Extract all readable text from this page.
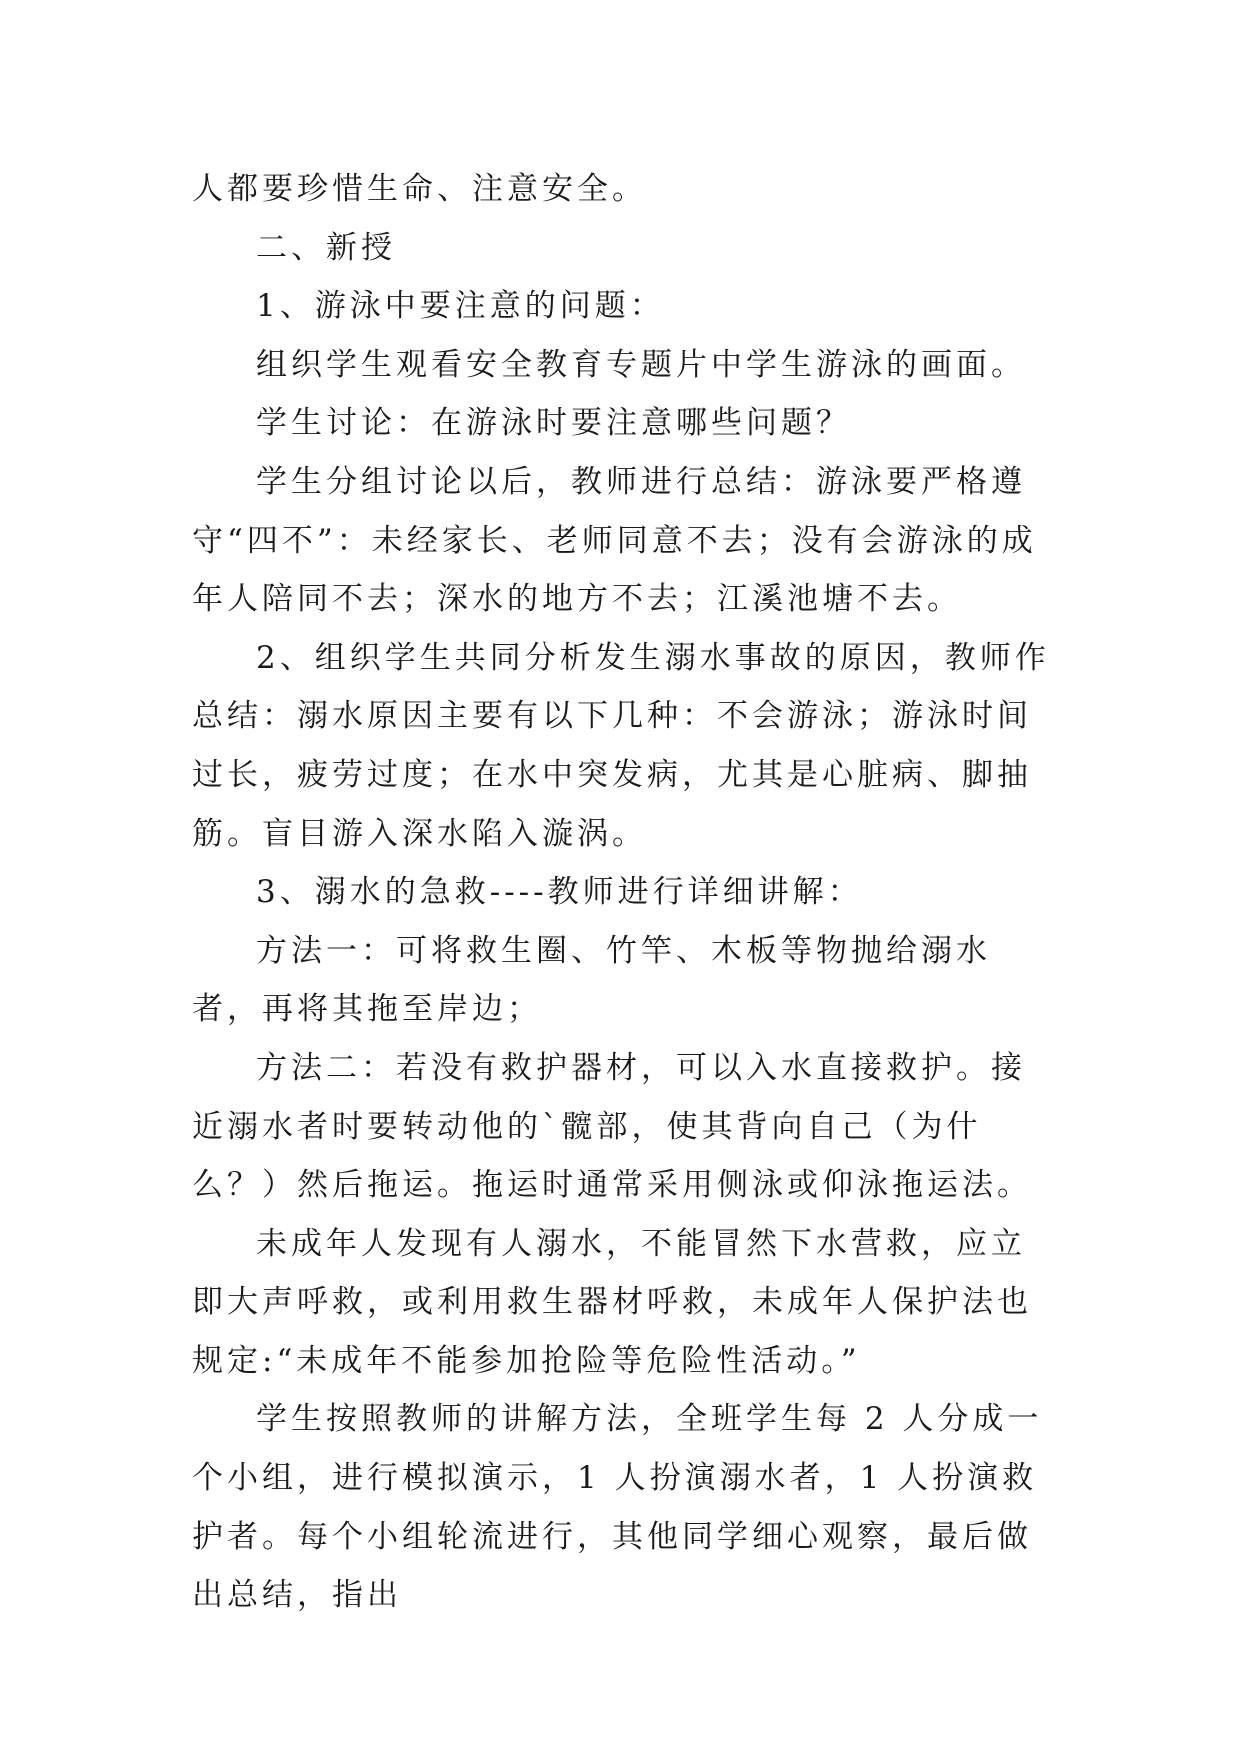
人都要珍惜生命、注意安全。

二、新授

1、游泳中要注意的问题：

组织学生观看安全教育专题片中学生游泳的画面。

学生讨论：在游泳时要注意哪些问题？

学生分组讨论以后，教师进行总结：游泳要严格遵守“四不”：未经家长、老师同意不去；没有会游泳的成年人陪同不去；深水的地方不去；江溪池塘不去。

2、组织学生共同分析发生溺水事故的原因，教师作总结：溺水原因主要有以下几种：不会游泳；游泳时间过长，疲劳过度；在水中突发病，尤其是心脏病、脚抽筋。盲目游入深水陷入漩涡。

3、溺水的急救----教师进行详细讲解：

方法一：可将救生圈、竹竿、木板等物抛给溺水者，再将其拖至岸边；

方法二：若没有救护器材，可以入水直接救护。接近溺水者时要转动他的`髋部，使其背向自己（为什么？）然后拖运。拖运时通常采用侧泳或仰泳拖运法。

未成年人发现有人溺水，不能冒然下水营救，应立即大声呼救，或利用救生器材呼救，未成年人保护法也规定:“未成年不能参加抢险等危险性活动。”

学生按照教师的讲解方法，全班学生每 2 人分成一个小组，进行模拟演示，1 人扮演溺水者，1 人扮演救护者。每个小组轮流进行，其他同学细心观察，最后做出总结，指出
